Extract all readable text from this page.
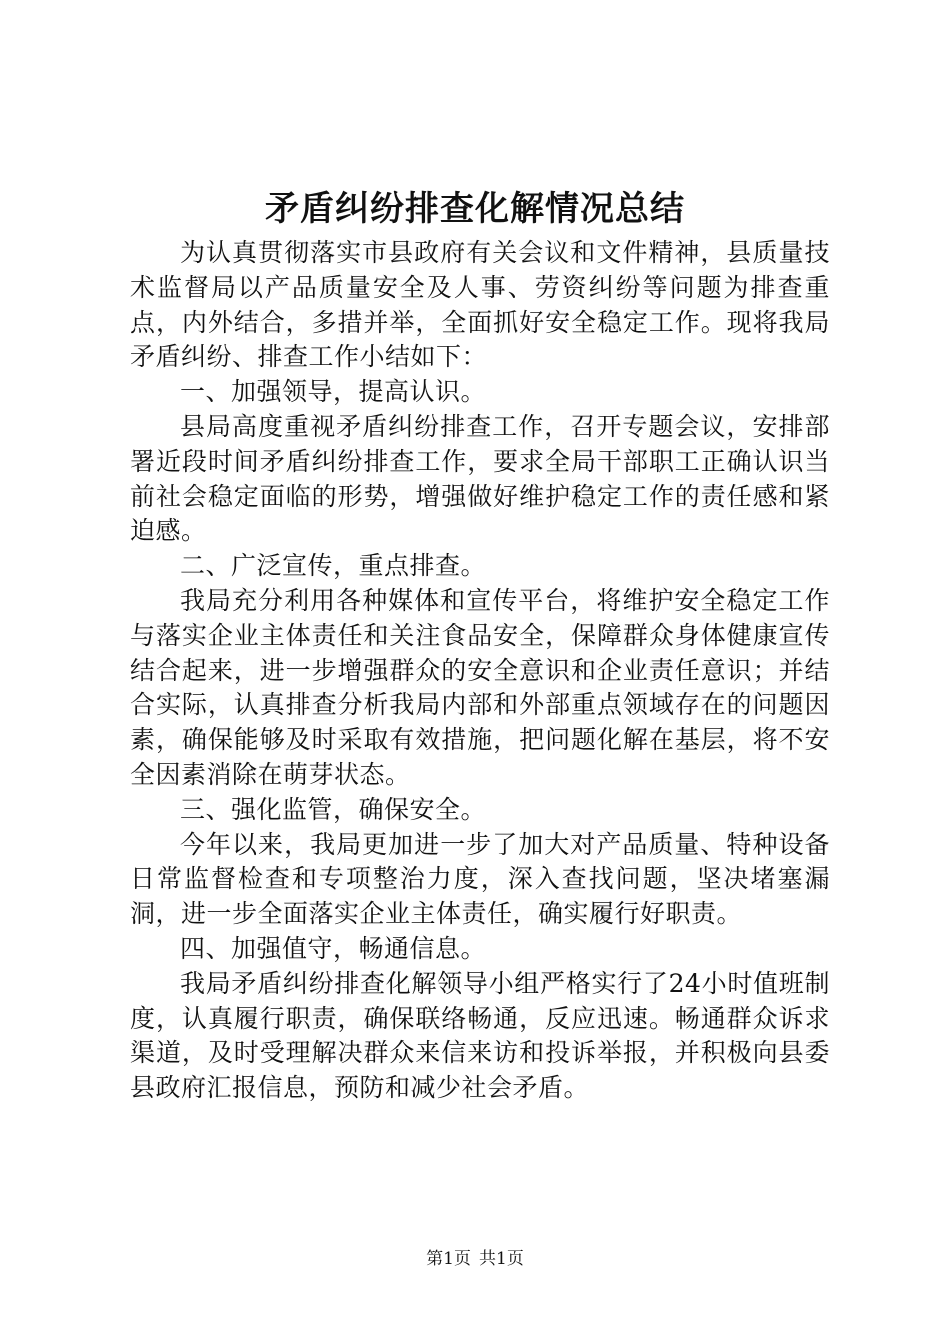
矛盾纠纷排查化解情况总结

为认真贯彻落实市县政府有关会议和文件精神，县质量技术监督局以产品质量安全及人事、劳资纠纷等问题为排查重点，内外结合，多措并举，全面抓好安全稳定工作。现将我局矛盾纠纷、排查工作小结如下：

一、加强领导，提高认识。

县局高度重视矛盾纠纷排查工作，召开专题会议，安排部署近段时间矛盾纠纷排查工作，要求全局干部职工正确认识当前社会稳定面临的形势，增强做好维护稳定工作的责任感和紧迫感。

二、广泛宣传，重点排查。

我局充分利用各种媒体和宣传平台，将维护安全稳定工作与落实企业主体责任和关注食品安全，保障群众身体健康宣传结合起来，进一步增强群众的安全意识和企业责任意识；并结合实际，认真排查分析我局内部和外部重点领域存在的问题因素，确保能够及时采取有效措施，把问题化解在基层，将不安全因素消除在萌芽状态。

三、强化监管，确保安全。

今年以来，我局更加进一步了加大对产品质量、特种设备日常监督检查和专项整治力度，深入查找问题，坚决堵塞漏洞，进一步全面落实企业主体责任，确实履行好职责。

四、加强值守，畅通信息。

我局矛盾纠纷排查化解领导小组严格实行了24小时值班制度，认真履行职责，确保联络畅通，反应迅速。畅通群众诉求渠道，及时受理解决群众来信来访和投诉举报，并积极向县委县政府汇报信息，预防和减少社会矛盾。

第1页 共1页
